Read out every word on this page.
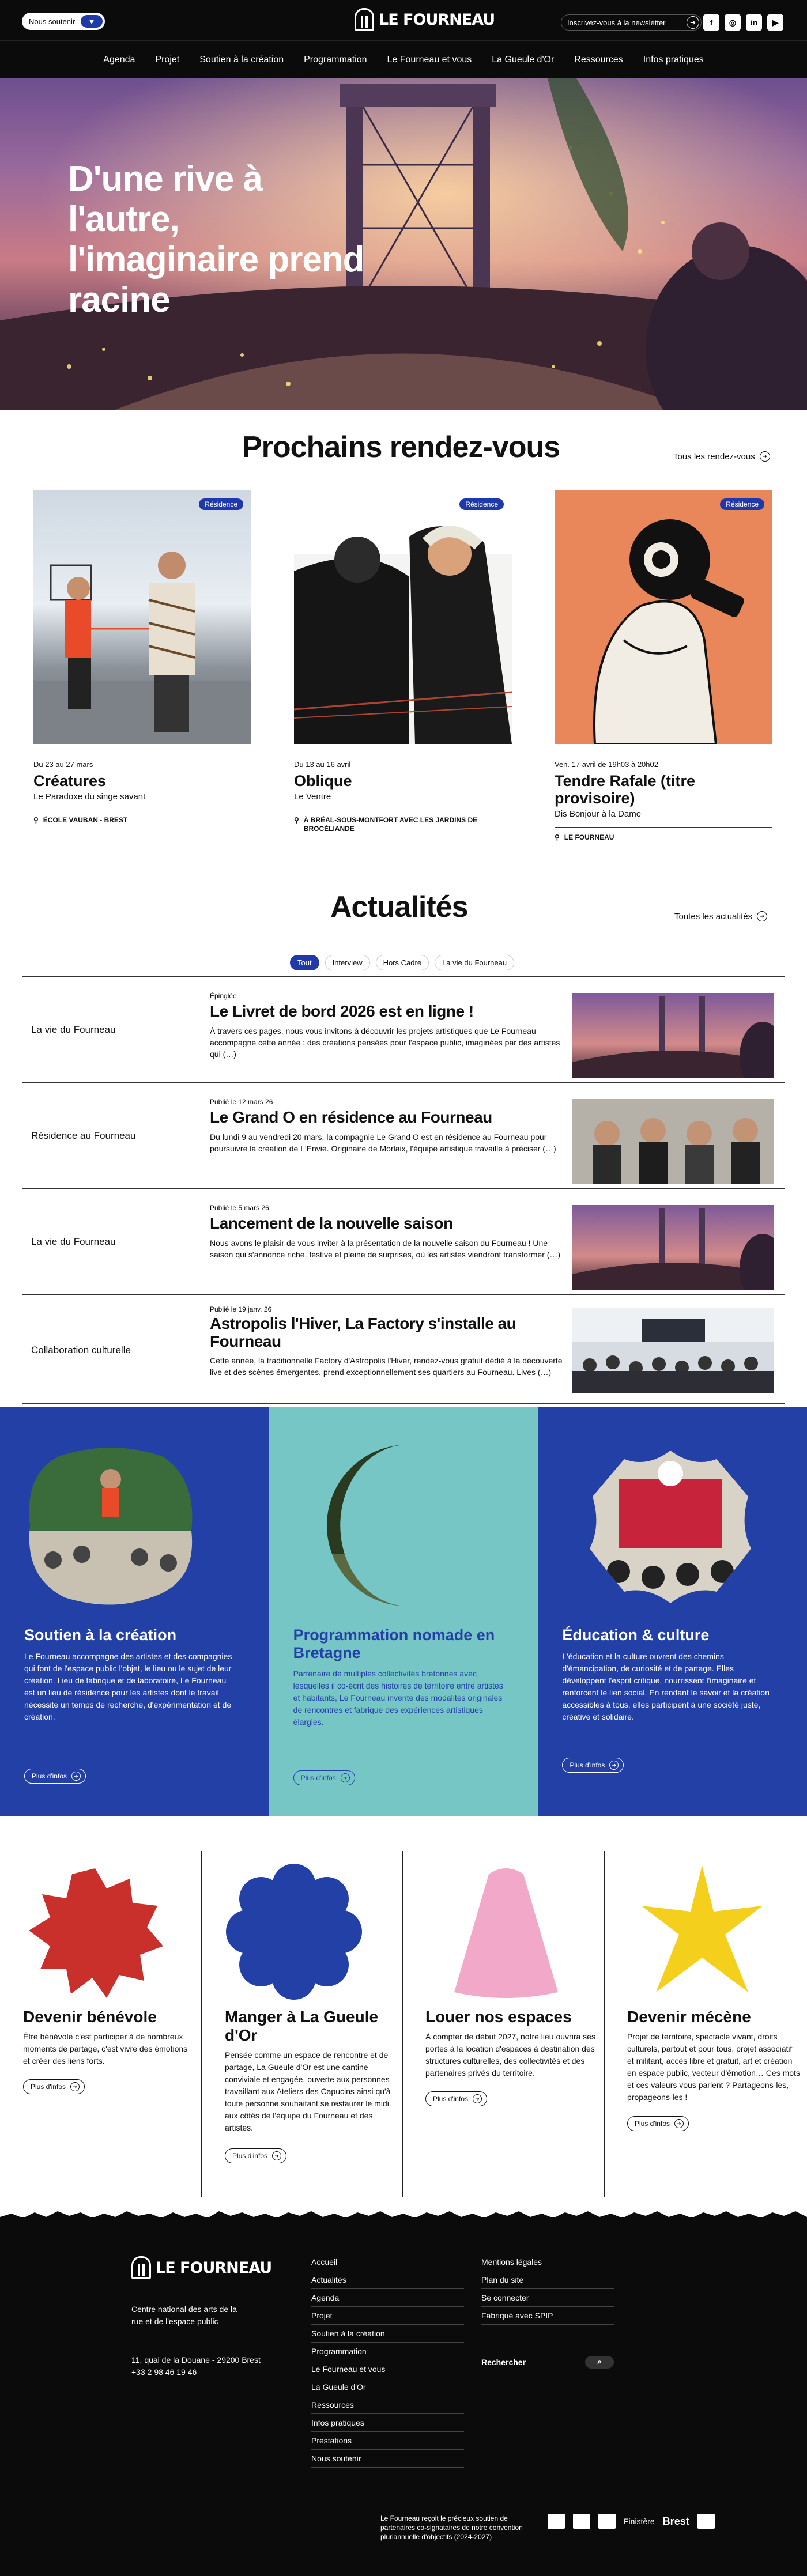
Nous soutenir	♥	LE FOURNEAU	Inscrivez-vous à la newsletter	➜	f	◎	in	▶
Agenda Projet Soutien à la création Programmation Le Fourneau et vous La Gueule d'Or Ressources Infos pratiques
D'une rive à l'autre, l'imaginaire prend racine
Prochains rendez-vous	Tous les rendez-vous	➜
Résidence
Du 23 au 27 mars
Créatures
Le Paradoxe du singe savant
⚲ ÉCOLE VAUBAN - BREST
Résidence
Du 13 au 16 avril
Oblique
Le Ventre
⚲ À BRÉAL-SOUS-MONTFORT AVEC LES JARDINS DE BROCÉLIANDE
Résidence
Ven. 17 avril de 19h03 à 20h02
Tendre Rafale (titre provisoire)
Dis Bonjour à la Dame
⚲ LE FOURNEAU
Actualités	Toutes les actualités	➜
Tout	Interview	Hors Cadre	La vie du Fourneau
La vie du Fourneau
Épinglée
Le Livret de bord 2026 est en ligne !
À travers ces pages, nous vous invitons à découvrir les projets artistiques que Le Fourneau accompagne cette année : des créations pensées pour l'espace public, imaginées par des artistes qui (…)
Résidence au Fourneau
Publié le 12 mars 26
Le Grand O en résidence au Fourneau
Du lundi 9 au vendredi 20 mars, la compagnie Le Grand O est en résidence au Fourneau pour poursuivre la création de L'Envie. Originaire de Morlaix, l'équipe artistique travaille à préciser (…)
La vie du Fourneau
Publié le 5 mars 26
Lancement de la nouvelle saison
Nous avons le plaisir de vous inviter à la présentation de la nouvelle saison du Fourneau ! Une saison qui s'annonce riche, festive et pleine de surprises, où les artistes viendront transformer (…)
Collaboration culturelle
Publié le 19 janv. 26
Astropolis l'Hiver, La Factory s'installe au Fourneau
Cette année, la traditionnelle Factory d'Astropolis l'Hiver, rendez-vous gratuit dédié à la découverte live et des scènes émergentes, prend exceptionnellement ses quartiers au Fourneau. Lives (…)
Soutien à la création

Le Fourneau accompagne des artistes et des compagnies qui font de l'espace public l'objet, le lieu ou le sujet de leur création. Lieu de fabrique et de laboratoire, Le Fourneau est un lieu de résidence pour les artistes dont le travail nécessite un temps de recherche, d'expérimentation et de création.

Plus d'infos	➜
Programmation nomade en Bretagne

Partenaire de multiples collectivités bretonnes avec lesquelles il co-écrit des histoires de territoire entre artistes et habitants, Le Fourneau invente des modalités originales de rencontres et fabrique des expériences artistiques élargies.

Plus d'infos	➜
Éducation & culture

L'éducation et la culture ouvrent des chemins d'émancipation, de curiosité et de partage. Elles développent l'esprit critique, nourrissent l'imaginaire et renforcent le lien social. En rendant le savoir et la création accessibles à tous, elles participent à une société juste, créative et solidaire.

Plus d'infos	➜
Devenir bénévole

Être bénévole c'est participer à de nombreux moments de partage, c'est vivre des émotions et créer des liens forts.

Plus d'infos	➜
Manger à La Gueule d'Or

Pensée comme un espace de rencontre et de partage, La Gueule d'Or est une cantine conviviale et engagée, ouverte aux personnes travaillant aux Ateliers des Capucins ainsi qu'à toute personne souhaitant se restaurer le midi aux côtés de l'équipe du Fourneau et des artistes.

Plus d'infos	➜
Louer nos espaces

À compter de début 2027, notre lieu ouvrira ses portes à la location d'espaces à destination des structures culturelles, des collectivités et des partenaires privés du territoire.

Plus d'infos	➜
Devenir mécène

Projet de territoire, spectacle vivant, droits culturels, partout et pour tous, projet associatif et militant, accès libre et gratuit, art et création en espace public, vecteur d'émotion… Ces mots et ces valeurs vous parlent ? Partageons-les, propageons-les !

Plus d'infos	➜
LE FOURNEAU
Centre national des arts de la rue et de l'espace public
11, quai de la Douane - 29200 Brest
+33 2 98 46 19 46
Accueil
Actualités
Agenda
Projet
Soutien à la création
Programmation
Le Fourneau et vous
La Gueule d'Or
Ressources
Infos pratiques
Prestations
Nous soutenir
Mentions légales
Plan du site
Se connecter
Fabriqué avec SPIP
Rechercher	⌕
Le Fourneau reçoit le précieux soutien de partenaires co-signataires de notre convention pluriannuelle d'objectifs (2024-2027)
Finistère Brest
